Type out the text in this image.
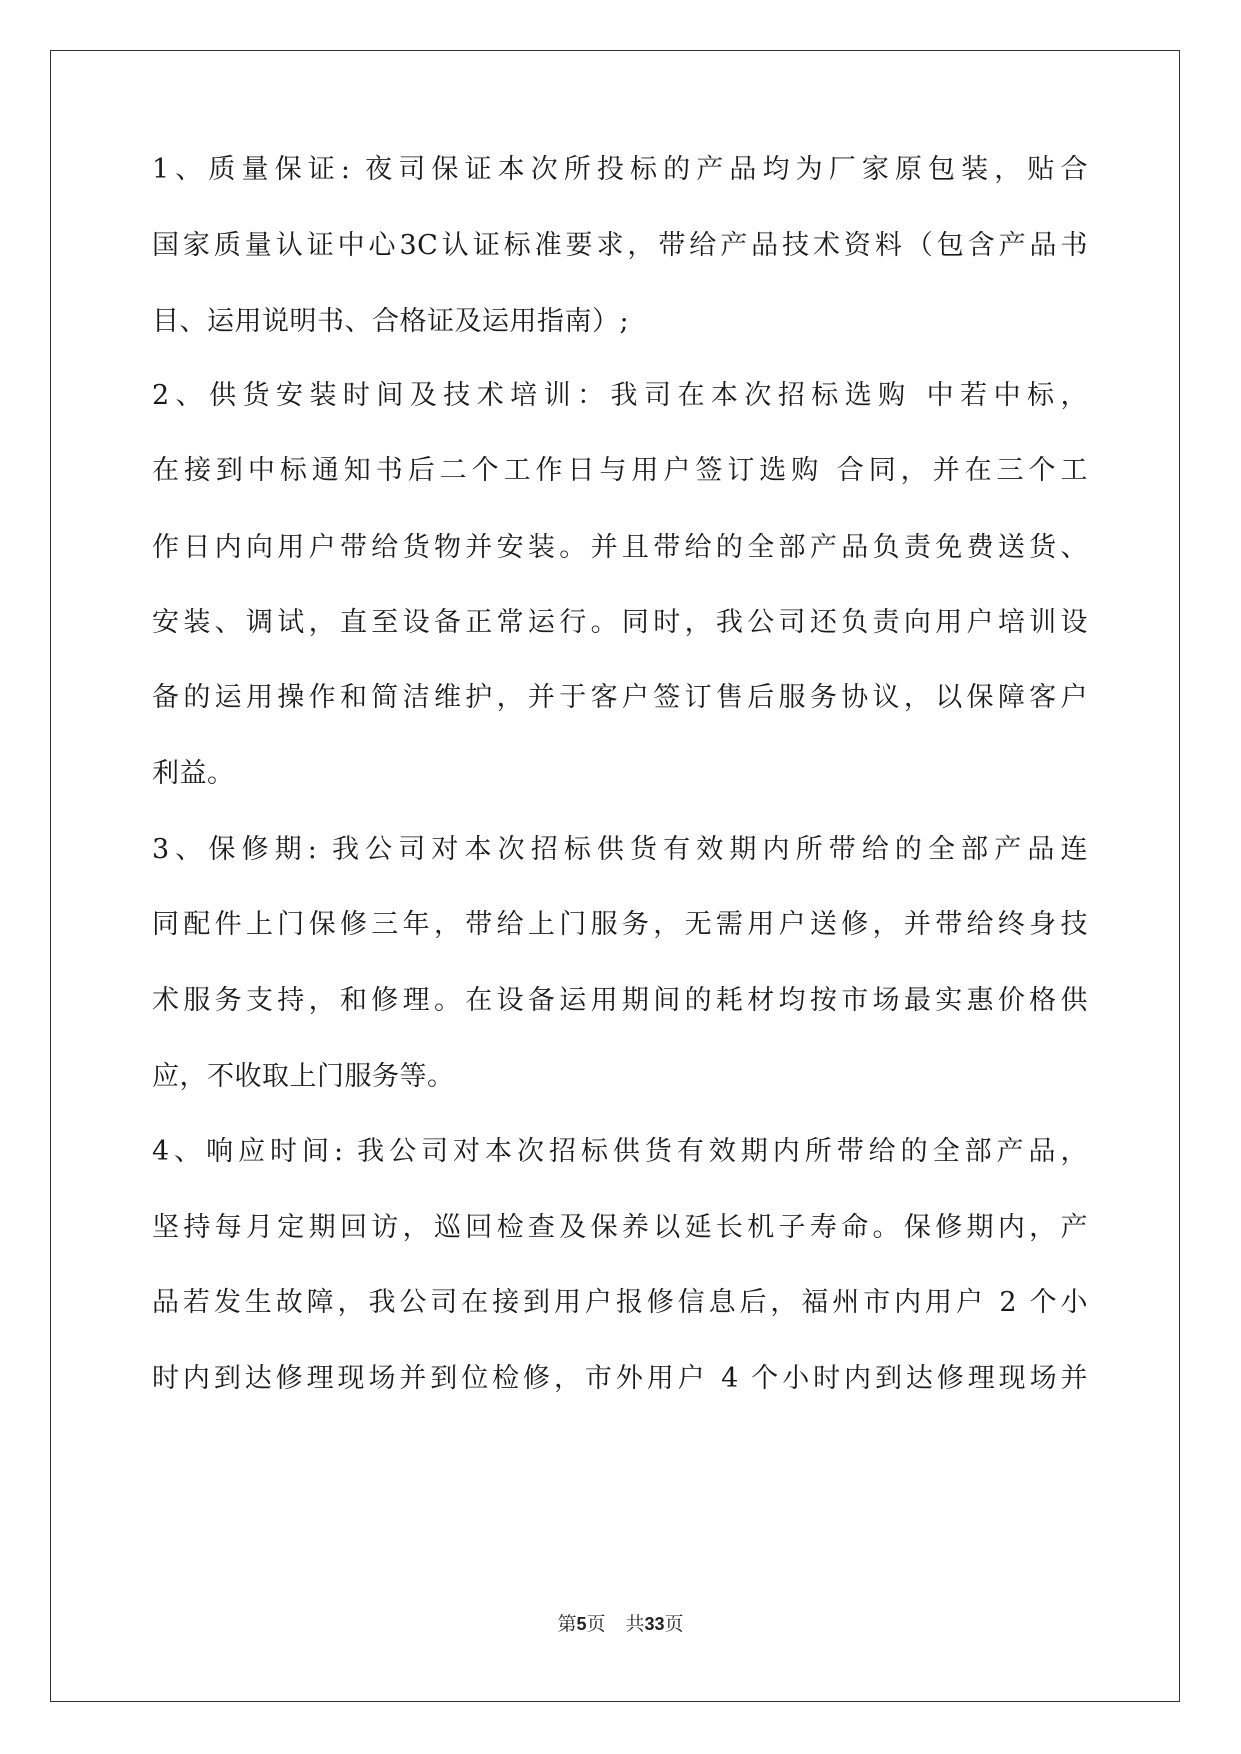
1、质量保证: 夜司保证本次所投标的产品均为厂家原包装，贴合
国家质量认证中心3C认证标准要求，带给产品技术资料（包含产品书
目、运用说明书、合格证及运用指南）;
2、供货安装时间及技术培训：我司在本次招标选购 中若中标，
在接到中标通知书后二个工作日与用户签订选购 合同，并在三个工
作日内向用户带给货物并安装。并且带给的全部产品负责免费送货、
安装、调试，直至设备正常运行。同时，我公司还负责向用户培训设
备的运用操作和简洁维护，并于客户签订售后服务协议，以保障客户
利益。
3、保修期: 我公司对本次招标供货有效期内所带给的全部产品连
同配件上门保修三年，带给上门服务，无需用户送修，并带给终身技
术服务支持，和修理。在设备运用期间的耗材均按市场最实惠价格供
应，不收取上门服务等。
4、响应时间: 我公司对本次招标供货有效期内所带给的全部产品，
坚持每月定期回访，巡回检查及保养以延长机子寿命。保修期内，产
品若发生故障，我公司在接到用户报修信息后，福州市内用户 2 个小
时内到达修理现场并到位检修，市外用户 4 个小时内到达修理现场并
第5页 共33页
